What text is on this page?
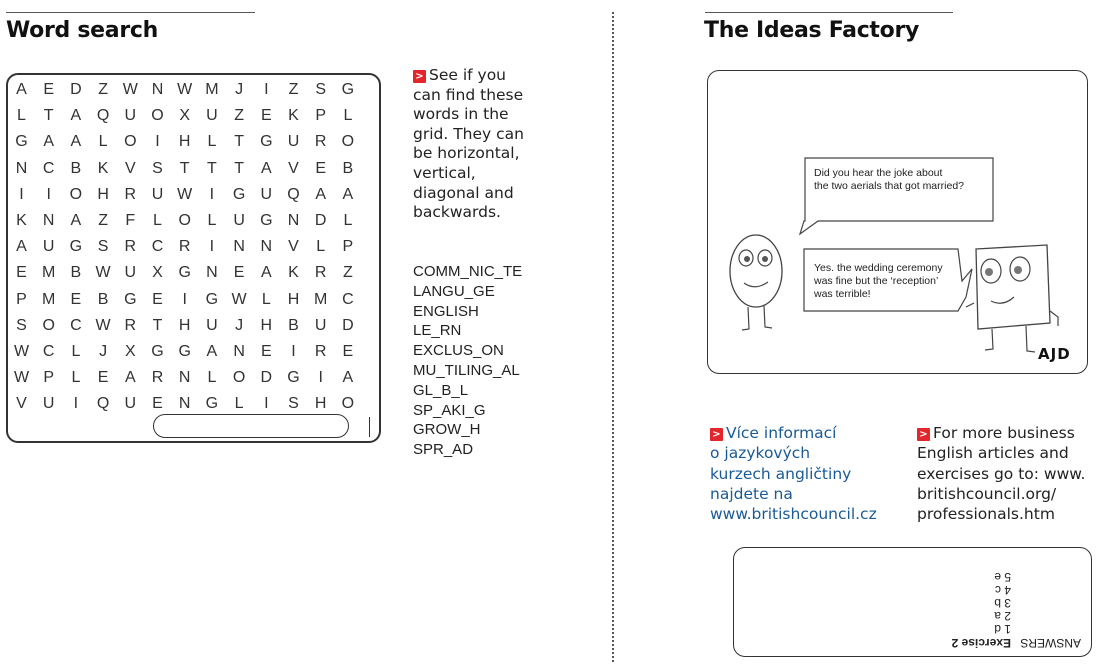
Word search
A	E	D	Z W N W M	J	I	Z	S G
L	T	A Q U O X	U	Z	E	K	P	L
G A	A	L	O	I	H	L	T	G U R O
N C	B	K	V	S	T	T	T	A	V	E	B
I	I	O H R U W	I	G U Q A	A
K	N	A	Z	F	L	O	L	U G N D	L
A	U G S	R C R	I	N N	V	L	P
E M B W U	X G N	E	A	K	R	Z
P M E	B G E	I	G W L	H M C
S O C W R	T	H U	J	H	B	U D
W C	L	J	X G G A	N	E	I	R	E
W P	L	E	A	R N	L	O D G	I	A
V	U	I	Q U	E	N G	L	I	S	H O
> See if you can find these words in the grid. They can be horizontal, vertical, diagonal and backwards.
COMM_NIC_TE
LANGU_GE
ENGLISH
LE_RN
EXCLUS_ON
MU_TILING_AL
GL_B_L
SP_AKI_G
GROW_H
SPR_AD
The Ideas Factory
Did you hear the joke about
the two aerials that got married?
Yes. the wedding ceremony
was fine but the ‘reception’
was terrible!
AJD
> Více informací
o jazykových
kurzech angličtiny
najdete na
www.britishcouncil.cz
> For more business
English articles and
exercises go to: www.
britishcouncil.org/
professionals.htm
ANSWERS
Exercise 2
1 d
2 a
3 b
4 c
5 e
